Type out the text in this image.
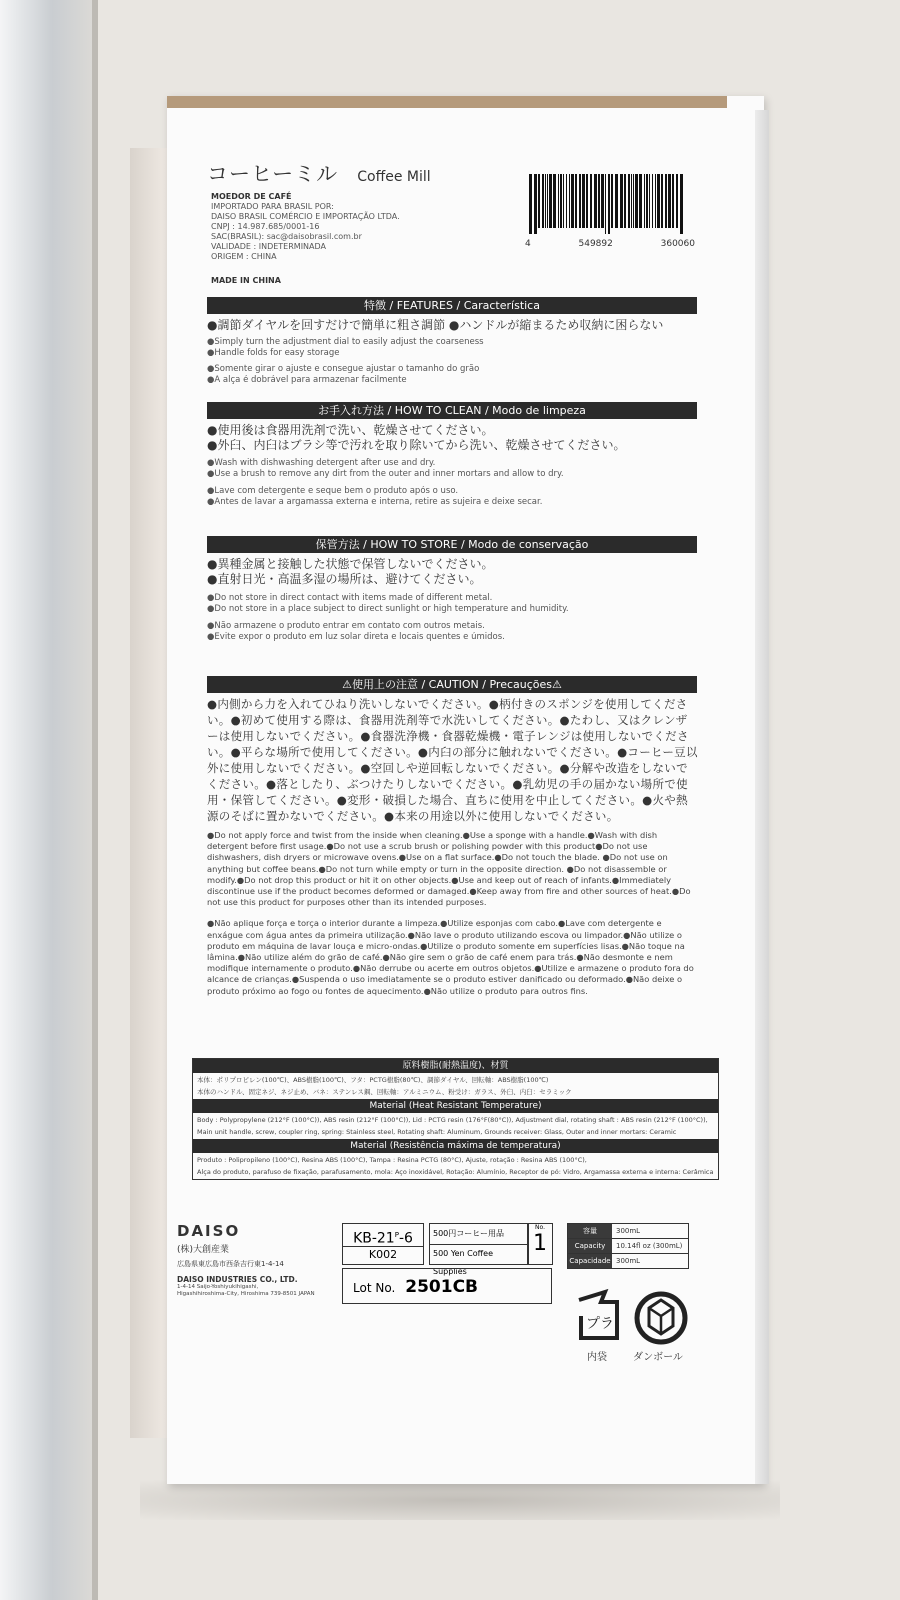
コーヒーミル Coffee Mill
MOEDOR DE CAFÉ
IMPORTADO PARA BRASIL POR:
DAISO BRASIL COMÉRCIO E IMPORTAÇÃO LTDA.
CNPJ : 14.987.685/0001-16
SAC(BRASIL): sac@daisobrasil.com.br
VALIDADE : INDETERMINADA
ORIGEM : CHINA
MADE IN CHINA
4	549892	360060
特徴 / FEATURES / Característica
●調節ダイヤルを回すだけで簡単に粗さ調節 ●ハンドルが縮まるため収納に困らない
●Simply turn the adjustment dial to easily adjust the coarseness
●Handle folds for easy storage
●Somente girar o ajuste e consegue ajustar o tamanho do grão
●A alça é dobrável para armazenar facilmente
お手入れ方法 / HOW TO CLEAN / Modo de limpeza
●使用後は食器用洗剤で洗い、乾燥させてください。
●外臼、内臼はブラシ等で汚れを取り除いてから洗い、乾燥させてください。
●Wash with dishwashing detergent after use and dry.
●Use a brush to remove any dirt from the outer and inner mortars and allow to dry.
●Lave com detergente e seque bem o produto após o uso.
●Antes de lavar a argamassa externa e interna, retire as sujeira e deixe secar.
保管方法 / HOW TO STORE / Modo de conservação
●異種金属と接触した状態で保管しないでください。
●直射日光・高温多湿の場所は、避けてください。
●Do not store in direct contact with items made of different metal.
●Do not store in a place subject to direct sunlight or high temperature and humidity.
●Não armazene o produto entrar em contato com outros metais.
●Evite expor o produto em luz solar direta e locais quentes e úmidos.
⚠使用上の注意 / CAUTION / Precauções⚠
●内側から力を入れてひねり洗いしないでください。●柄付きのスポンジを使用してください。●初めて使用する際は、食器用洗剤等で水洗いしてください。●たわし、又はクレンザーは使用しないでください。●食器洗浄機・食器乾燥機・電子レンジは使用しないでください。●平らな場所で使用してください。●内臼の部分に触れないでください。●コーヒー豆以外に使用しないでください。●空回しや逆回転しないでください。●分解や改造をしないでください。●落としたり、ぶつけたりしないでください。●乳幼児の手の届かない場所で使用・保管してください。●変形・破損した場合、直ちに使用を中止してください。●火や熱源のそばに置かないでください。●本来の用途以外に使用しないでください。
●Do not apply force and twist from the inside when cleaning.●Use a sponge with a handle.●Wash with dish detergent before first usage.●Do not use a scrub brush or polishing powder with this product●Do not use dishwashers, dish dryers or microwave ovens.●Use on a flat surface.●Do not touch the blade. ●Do not use on anything but coffee beans.●Do not turn while empty or turn in the opposite direction. ●Do not disassemble or modify.●Do not drop this product or hit it on other objects.●Use and keep out of reach of infants.●Immediately discontinue use if the product becomes deformed or damaged.●Keep away from fire and other sources of heat.●Do not use this product for purposes other than its intended purposes.
●Não aplique força e torça o interior durante a limpeza.●Utilize esponjas com cabo.●Lave com detergente e enxágue com água antes da primeira utilização.●Não lave o produto utilizando escova ou limpador.●Não utilize o produto em máquina de lavar louça e micro-ondas.●Utilize o produto somente em superfícies lisas.●Não toque na lâmina.●Não utilize além do grão de café.●Não gire sem o grão de café enem para trás.●Não desmonte e nem modifique internamente o produto.●Não derrube ou acerte em outros objetos.●Utilize e armazene o produto fora do alcance de crianças.●Suspenda o uso imediatamente se o produto estiver danificado ou deformado.●Não deixe o produto próximo ao fogo ou fontes de aquecimento.●Não utilize o produto para outros fins.
原料樹脂(耐熱温度)、材質
本体：ポリプロピレン(100℃)、ABS樹脂(100℃)、フタ：PCTG樹脂(80℃)、調節ダイヤル、回転軸：ABS樹脂(100℃)
本体のハンドル、固定ネジ、ネジ止め、バネ：ステンレス鋼、回転軸：アルミニウム、粉受け：ガラス、外臼、内臼：セラミック
Material (Heat Resistant Temperature)
Body : Polypropylene (212°F (100°C)), ABS resin (212°F (100°C)), Lid : PCTG resin (176°F(80°C)), Adjustment dial, rotating shaft : ABS resin (212°F (100°C)),
Main unit handle, screw, coupler ring, spring: Stainless steel, Rotating shaft: Aluminum, Grounds receiver: Glass, Outer and inner mortars: Ceramic
Material (Resistência máxima de temperatura)
Produto : Polipropileno (100°C), Resina ABS (100°C), Tampa : Resina PCTG (80°C), Ajuste, rotação : Resina ABS (100°C),
Alça do produto, parafuso de fixação, parafusamento, mola: Aço inoxidável, Rotação: Alumínio, Receptor de pó: Vidro, Argamassa externa e interna: Cerâmica
DAISO
(株)大創産業
広島県東広島市西条吉行東1-4-14
DAISO INDUSTRIES CO., LTD.
1-4-14 Saijo-Yoshiyukihigashi,
Higashihiroshima-City, Hiroshima 739-8501 JAPAN
$KB-21^P-6$
K002
500円コーヒー用品
500 Yen Coffee Supplies
No.
1
Lot No. 2501CB
容量	300mL
Capacity	10.14fl oz (300mL)
Capacidade 300mL
プラ
内袋	ダンボール
